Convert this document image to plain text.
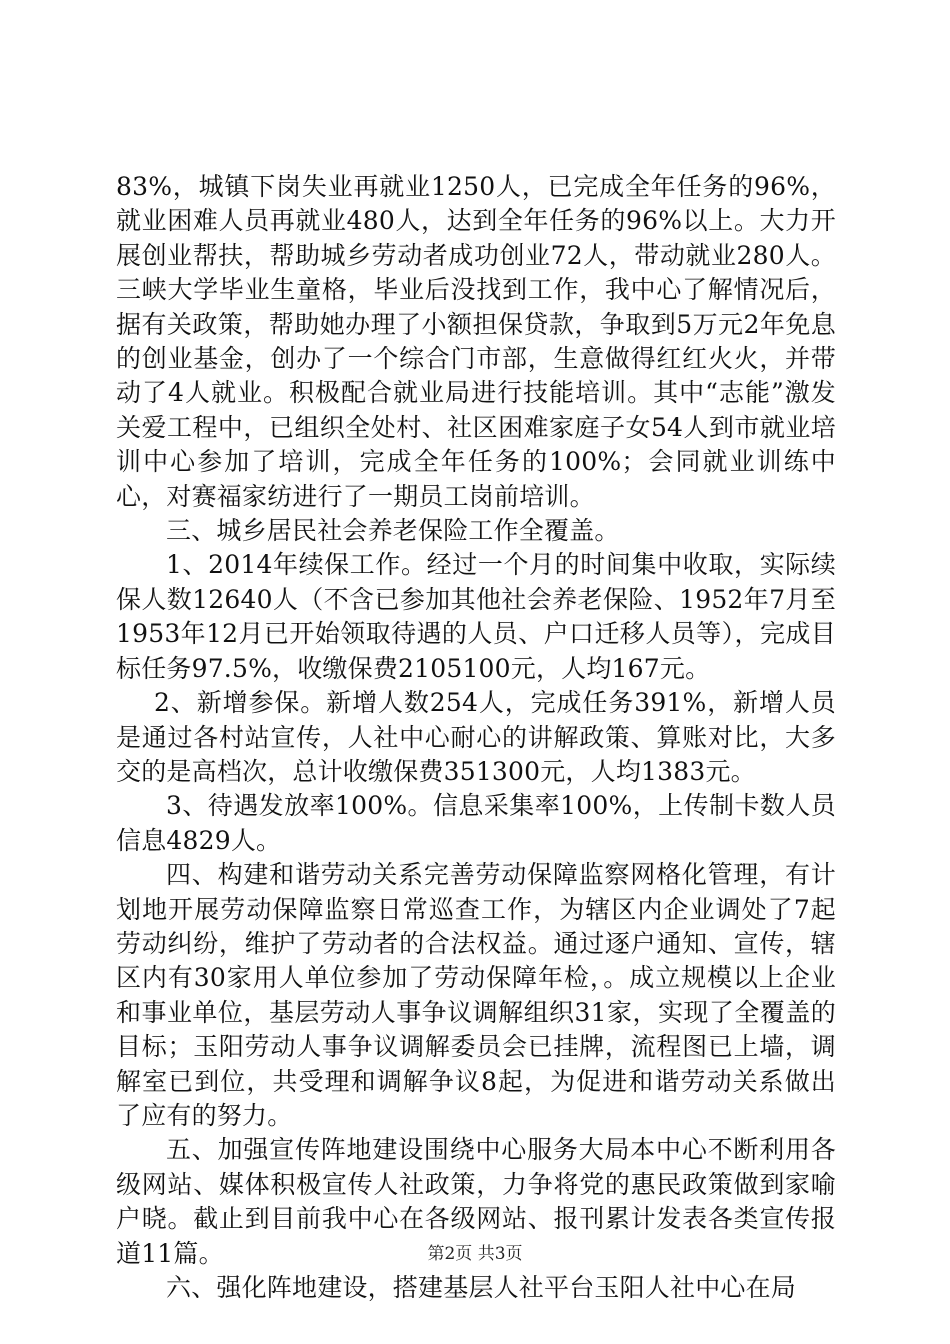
83%，城镇下岗失业再就业1250人，已完成全年任务的96%，就业困难人员再就业480人，达到全年任务的96%以上。大力开展创业帮扶，帮助城乡劳动者成功创业72人，带动就业280人。三峡大学毕业生童格，毕业后没找到工作，我中心了解情况后，据有关政策，帮助她办理了小额担保贷款，争取到5万元2年免息的创业基金，创办了一个综合门市部，生意做得红红火火，并带动了4人就业。积极配合就业局进行技能培训。其中“志能”激发关爱工程中，已组织全处村、社区困难家庭子女54人到市就业培训中心参加了培训，完成全年任务的100%；会同就业训练中心，对赛福家纺进行了一期员工岗前培训。

三、城乡居民社会养老保险工作全覆盖。

1、2014年续保工作。经过一个月的时间集中收取，实际续保人数12640人（不含已参加其他社会养老保险、1952年7月至1953年12月已开始领取待遇的人员、户口迁移人员等），完成目标任务97.5%，收缴保费2105100元，人均167元。

2、新增参保。新增人数254人，完成任务391%，新增人员是通过各村站宣传，人社中心耐心的讲解政策、算账对比，大多交的是高档次，总计收缴保费351300元，人均1383元。

3、待遇发放率100%。信息采集率100%，上传制卡数人员信息4829人。

四、构建和谐劳动关系完善劳动保障监察网格化管理，有计划地开展劳动保障监察日常巡查工作，为辖区内企业调处了7起劳动纠纷，维护了劳动者的合法权益。通过逐户通知、宣传，辖区内有30家用人单位参加了劳动保障年检，。成立规模以上企业和事业单位，基层劳动人事争议调解组织31家，实现了全覆盖的目标；玉阳劳动人事争议调解委员会已挂牌，流程图已上墙，调解室已到位，共受理和调解争议8起，为促进和谐劳动关系做出了应有的努力。

五、加强宣传阵地建设围绕中心服务大局本中心不断利用各级网站、媒体积极宣传人社政策，力争将党的惠民政策做到家喻户晓。截止到目前我中心在各级网站、报刊累计发表各类宣传报道11篇。

六、强化阵地建设，搭建基层人社平台玉阳人社中心在局

第2页 共3页
